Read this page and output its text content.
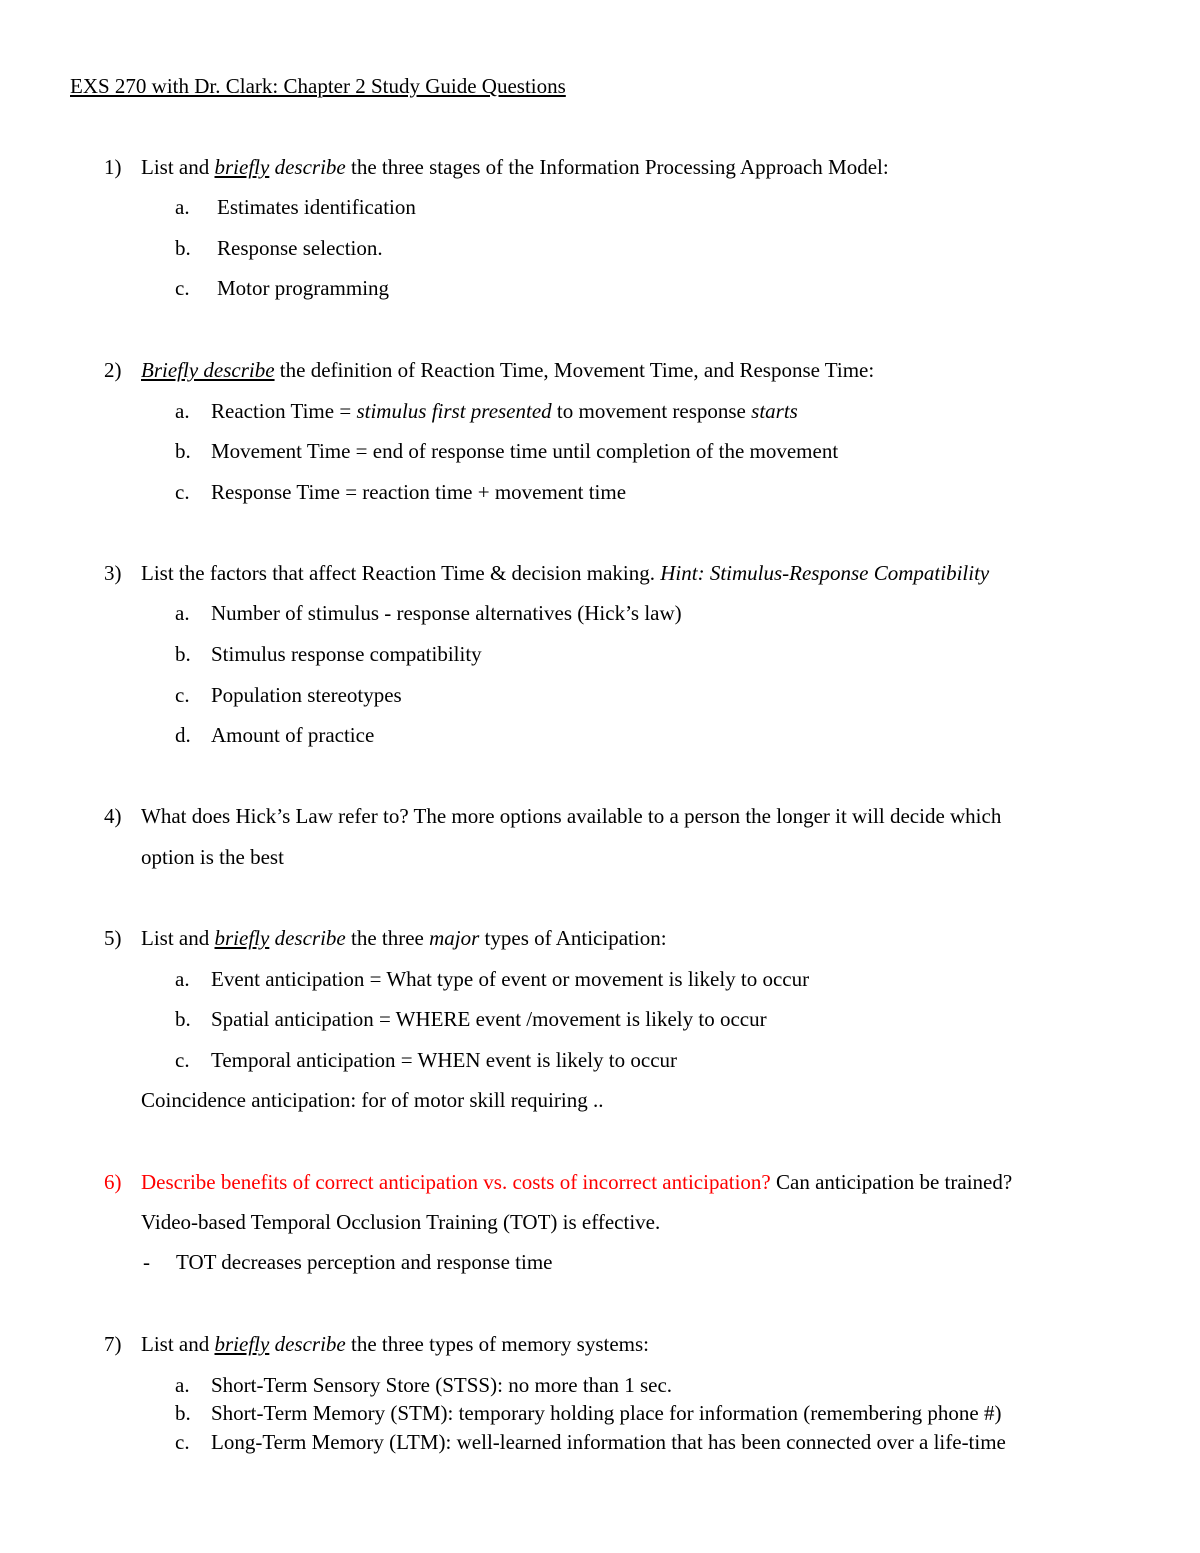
EXS 270 with Dr. Clark: Chapter 2 Study Guide Questions
1) List and briefly describe the three stages of the Information Processing Approach Model:
a. Estimates identification
b. Response selection.
c. Motor programming
2) Briefly describe the definition of Reaction Time, Movement Time, and Response Time:
a. Reaction Time = stimulus first presented to movement response starts
b. Movement Time = end of response time until completion of the movement
c. Response Time = reaction time + movement time
3) List the factors that affect Reaction Time & decision making. Hint: Stimulus-Response Compatibility
a. Number of stimulus - response alternatives (Hick’s law)
b. Stimulus response compatibility
c. Population stereotypes
d. Amount of practice
4) What does Hick’s Law refer to? The more options available to a person the longer it will decide which
option is the best
5) List and briefly describe the three major types of Anticipation:
a. Event anticipation = What type of event or movement is likely to occur
b. Spatial anticipation = WHERE event /movement is likely to occur
c. Temporal anticipation = WHEN event is likely to occur
Coincidence anticipation: for of motor skill requiring ..
6) Describe benefits of correct anticipation vs. costs of incorrect anticipation? Can anticipation be trained?
Video-based Temporal Occlusion Training (TOT) is effective.
- TOT decreases perception and response time
7) List and briefly describe the three types of memory systems:
a. Short-Term Sensory Store (STSS): no more than 1 sec.
b. Short-Term Memory (STM): temporary holding place for information (remembering phone #)
c. Long-Term Memory (LTM): well-learned information that has been connected over a life-time
